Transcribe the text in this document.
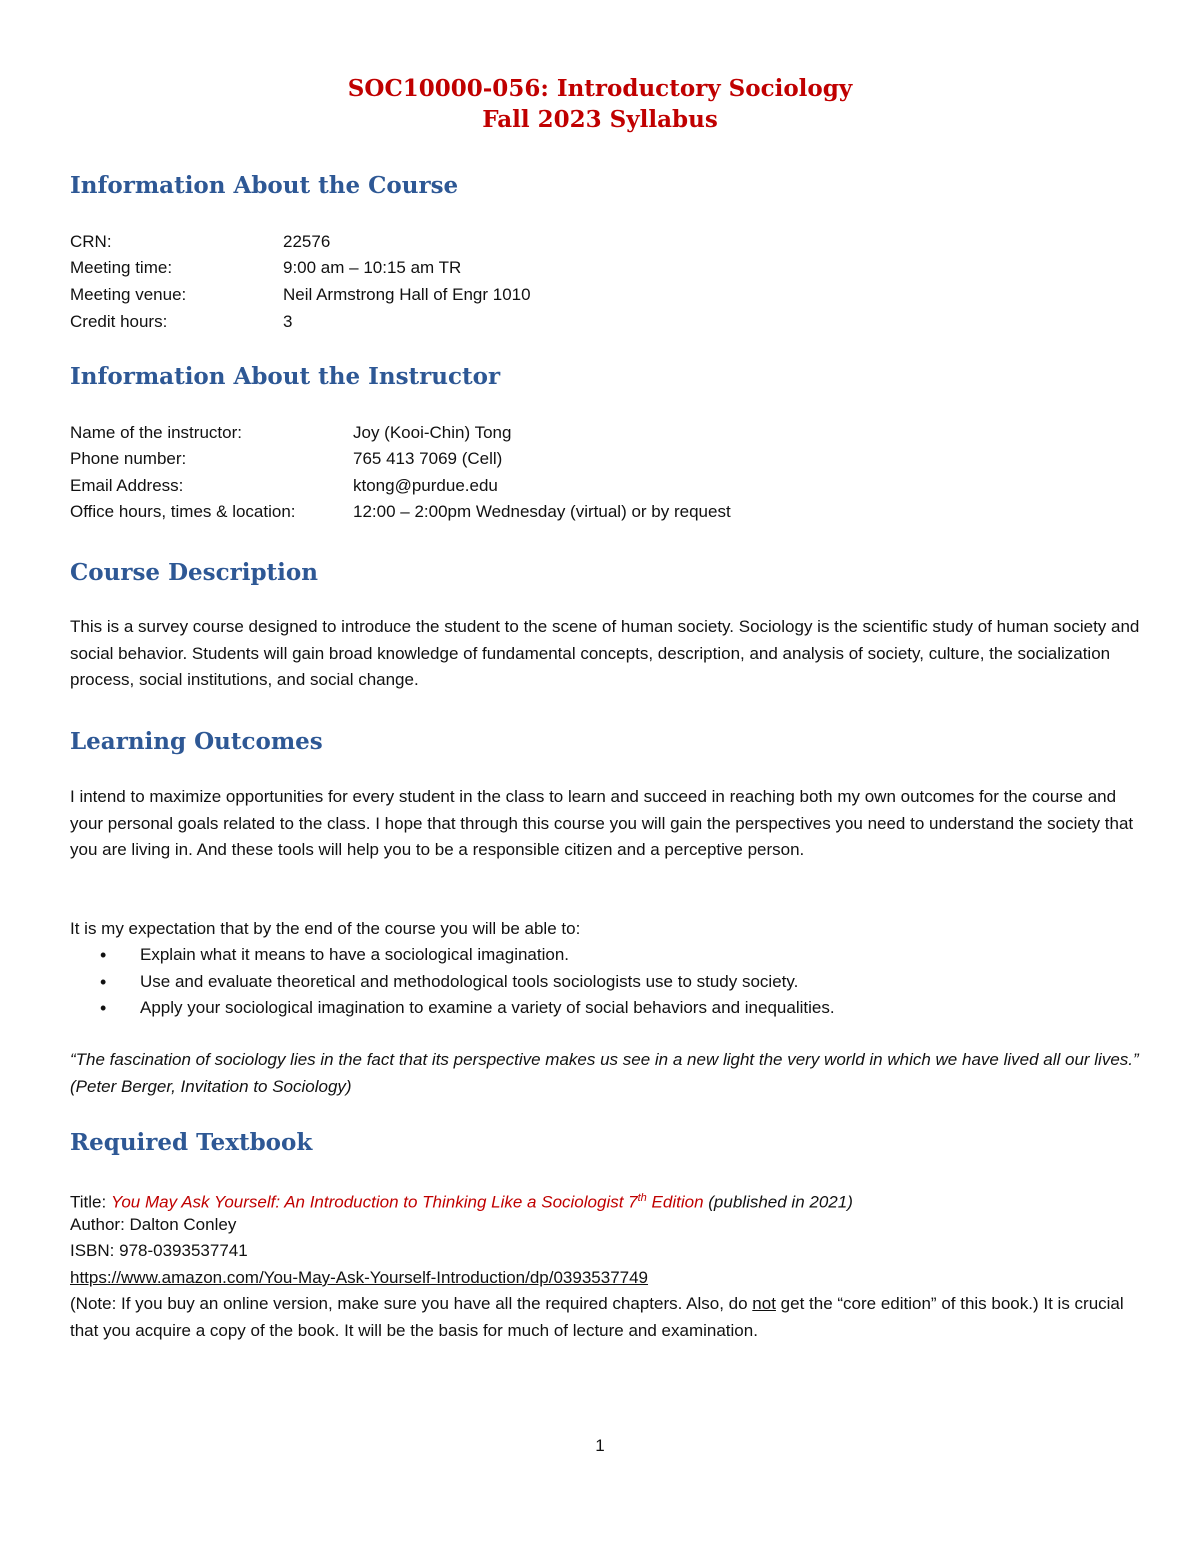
SOC10000-056: Introductory Sociology
Fall 2023 Syllabus
Information About the Course
CRN:	22576
Meeting time:	9:00 am – 10:15 am TR
Meeting venue:	Neil Armstrong Hall of Engr 1010
Credit hours:	3
Information About the Instructor
Name of the instructor:	Joy (Kooi-Chin) Tong
Phone number:	765 413 7069 (Cell)
Email Address:	ktong@purdue.edu
Office hours, times & location:	12:00 – 2:00pm Wednesday (virtual) or by request
Course Description
This is a survey course designed to introduce the student to the scene of human society. Sociology is the scientific study of human society and social behavior. Students will gain broad knowledge of fundamental concepts, description, and analysis of society, culture, the socialization process, social institutions, and social change.
Learning Outcomes
I intend to maximize opportunities for every student in the class to learn and succeed in reaching both my own outcomes for the course and your personal goals related to the class. I hope that through this course you will gain the perspectives you need to understand the society that you are living in. And these tools will help you to be a responsible citizen and a perceptive person.
It is my expectation that by the end of the course you will be able to:
• Explain what it means to have a sociological imagination.
• Use and evaluate theoretical and methodological tools sociologists use to study society.
• Apply your sociological imagination to examine a variety of social behaviors and inequalities.
“The fascination of sociology lies in the fact that its perspective makes us see in a new light the very world in which we have lived all our lives.” (Peter Berger, Invitation to Sociology)
Required Textbook
Title: You May Ask Yourself: An Introduction to Thinking Like a Sociologist 7th Edition (published in 2021)
Author: Dalton Conley
ISBN: 978-0393537741
https://www.amazon.com/You-May-Ask-Yourself-Introduction/dp/0393537749
(Note: If you buy an online version, make sure you have all the required chapters. Also, do not get the “core edition” of this book.) It is crucial that you acquire a copy of the book. It will be the basis for much of lecture and examination.
1
